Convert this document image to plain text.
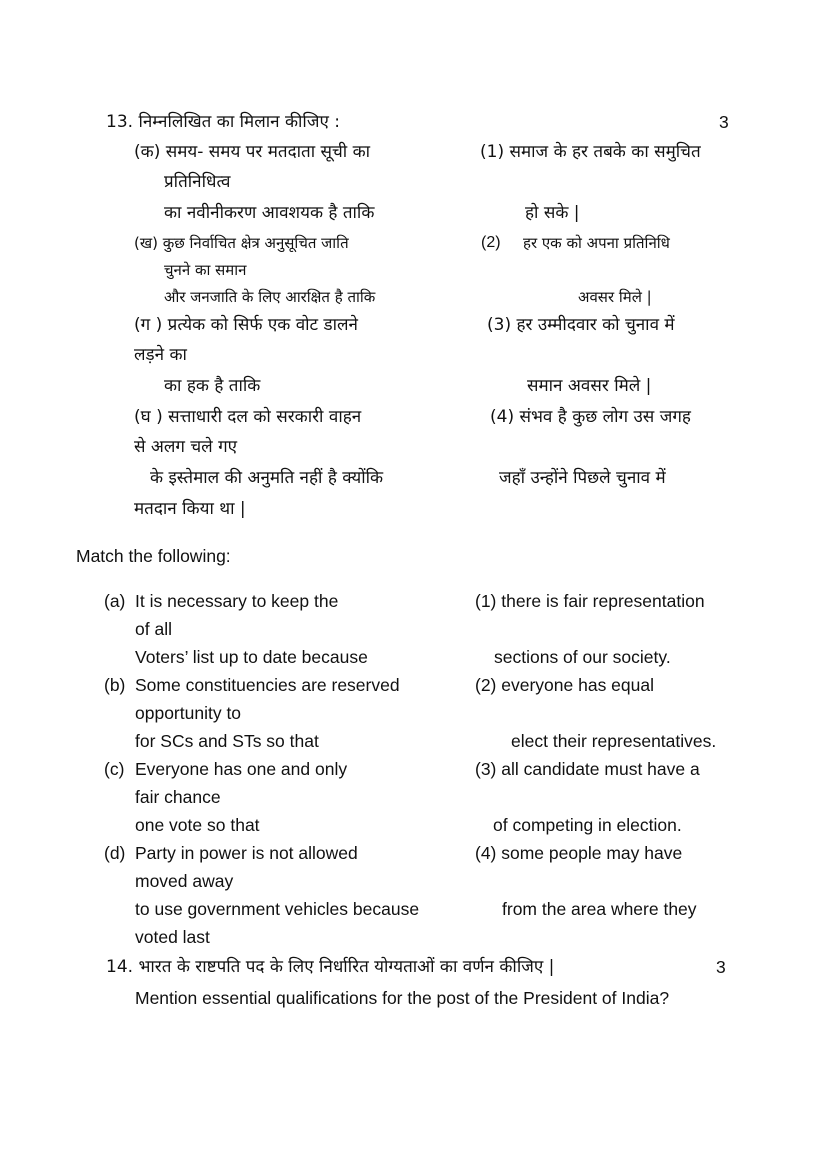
13. निम्नलिखित का मिलान कीजिए :	3
(क) समय- समय पर मतदाता सूची का
प्रतिनिधित्व
का नवीनीकरण आवशयक है ताकि
(1) समाज के हर तबके का समुचित
हो सके |
(ख) कुछ निर्वाचित क्षेत्र अनुसूचित जाति
चुनने का समान
और जनजाति के लिए आरक्षित है ताकि
(2) हर एक को अपना प्रतिनिधि
अवसर मिले |
(ग ) प्रत्येक को सिर्फ एक वोट डालने
लड़ने का
का हक है ताकि
(3) हर उम्मीदवार को चुनाव में
समान अवसर मिले |
(घ ) सत्ताधारी दल को सरकारी वाहन
से अलग चले गए
के इस्तेमाल की अनुमति नहीं है क्योंकि
मतदान किया था |
(4) संभव है कुछ लोग उस जगह
जहाँ उन्होंने पिछले चुनाव में
Match the following:
(a) It is necessary to keep the
of all
Voters’ list up to date because
(1) there is fair representation
sections of our society.
(b) Some constituencies are reserved
opportunity to
for SCs and STs so that
(2) everyone has equal
elect their representatives.
(c) Everyone has one and only
fair chance
one vote so that
(3) all candidate must have a
of competing in election.
(d) Party in power is not allowed
moved away
to use government vehicles because
voted last
(4) some people may have
from the area where they
14. भारत के राष्टपति पद के लिए निर्धारित योग्यताओं का वर्णन कीजिए |	3
Mention essential qualifications for the post of the President of India?
